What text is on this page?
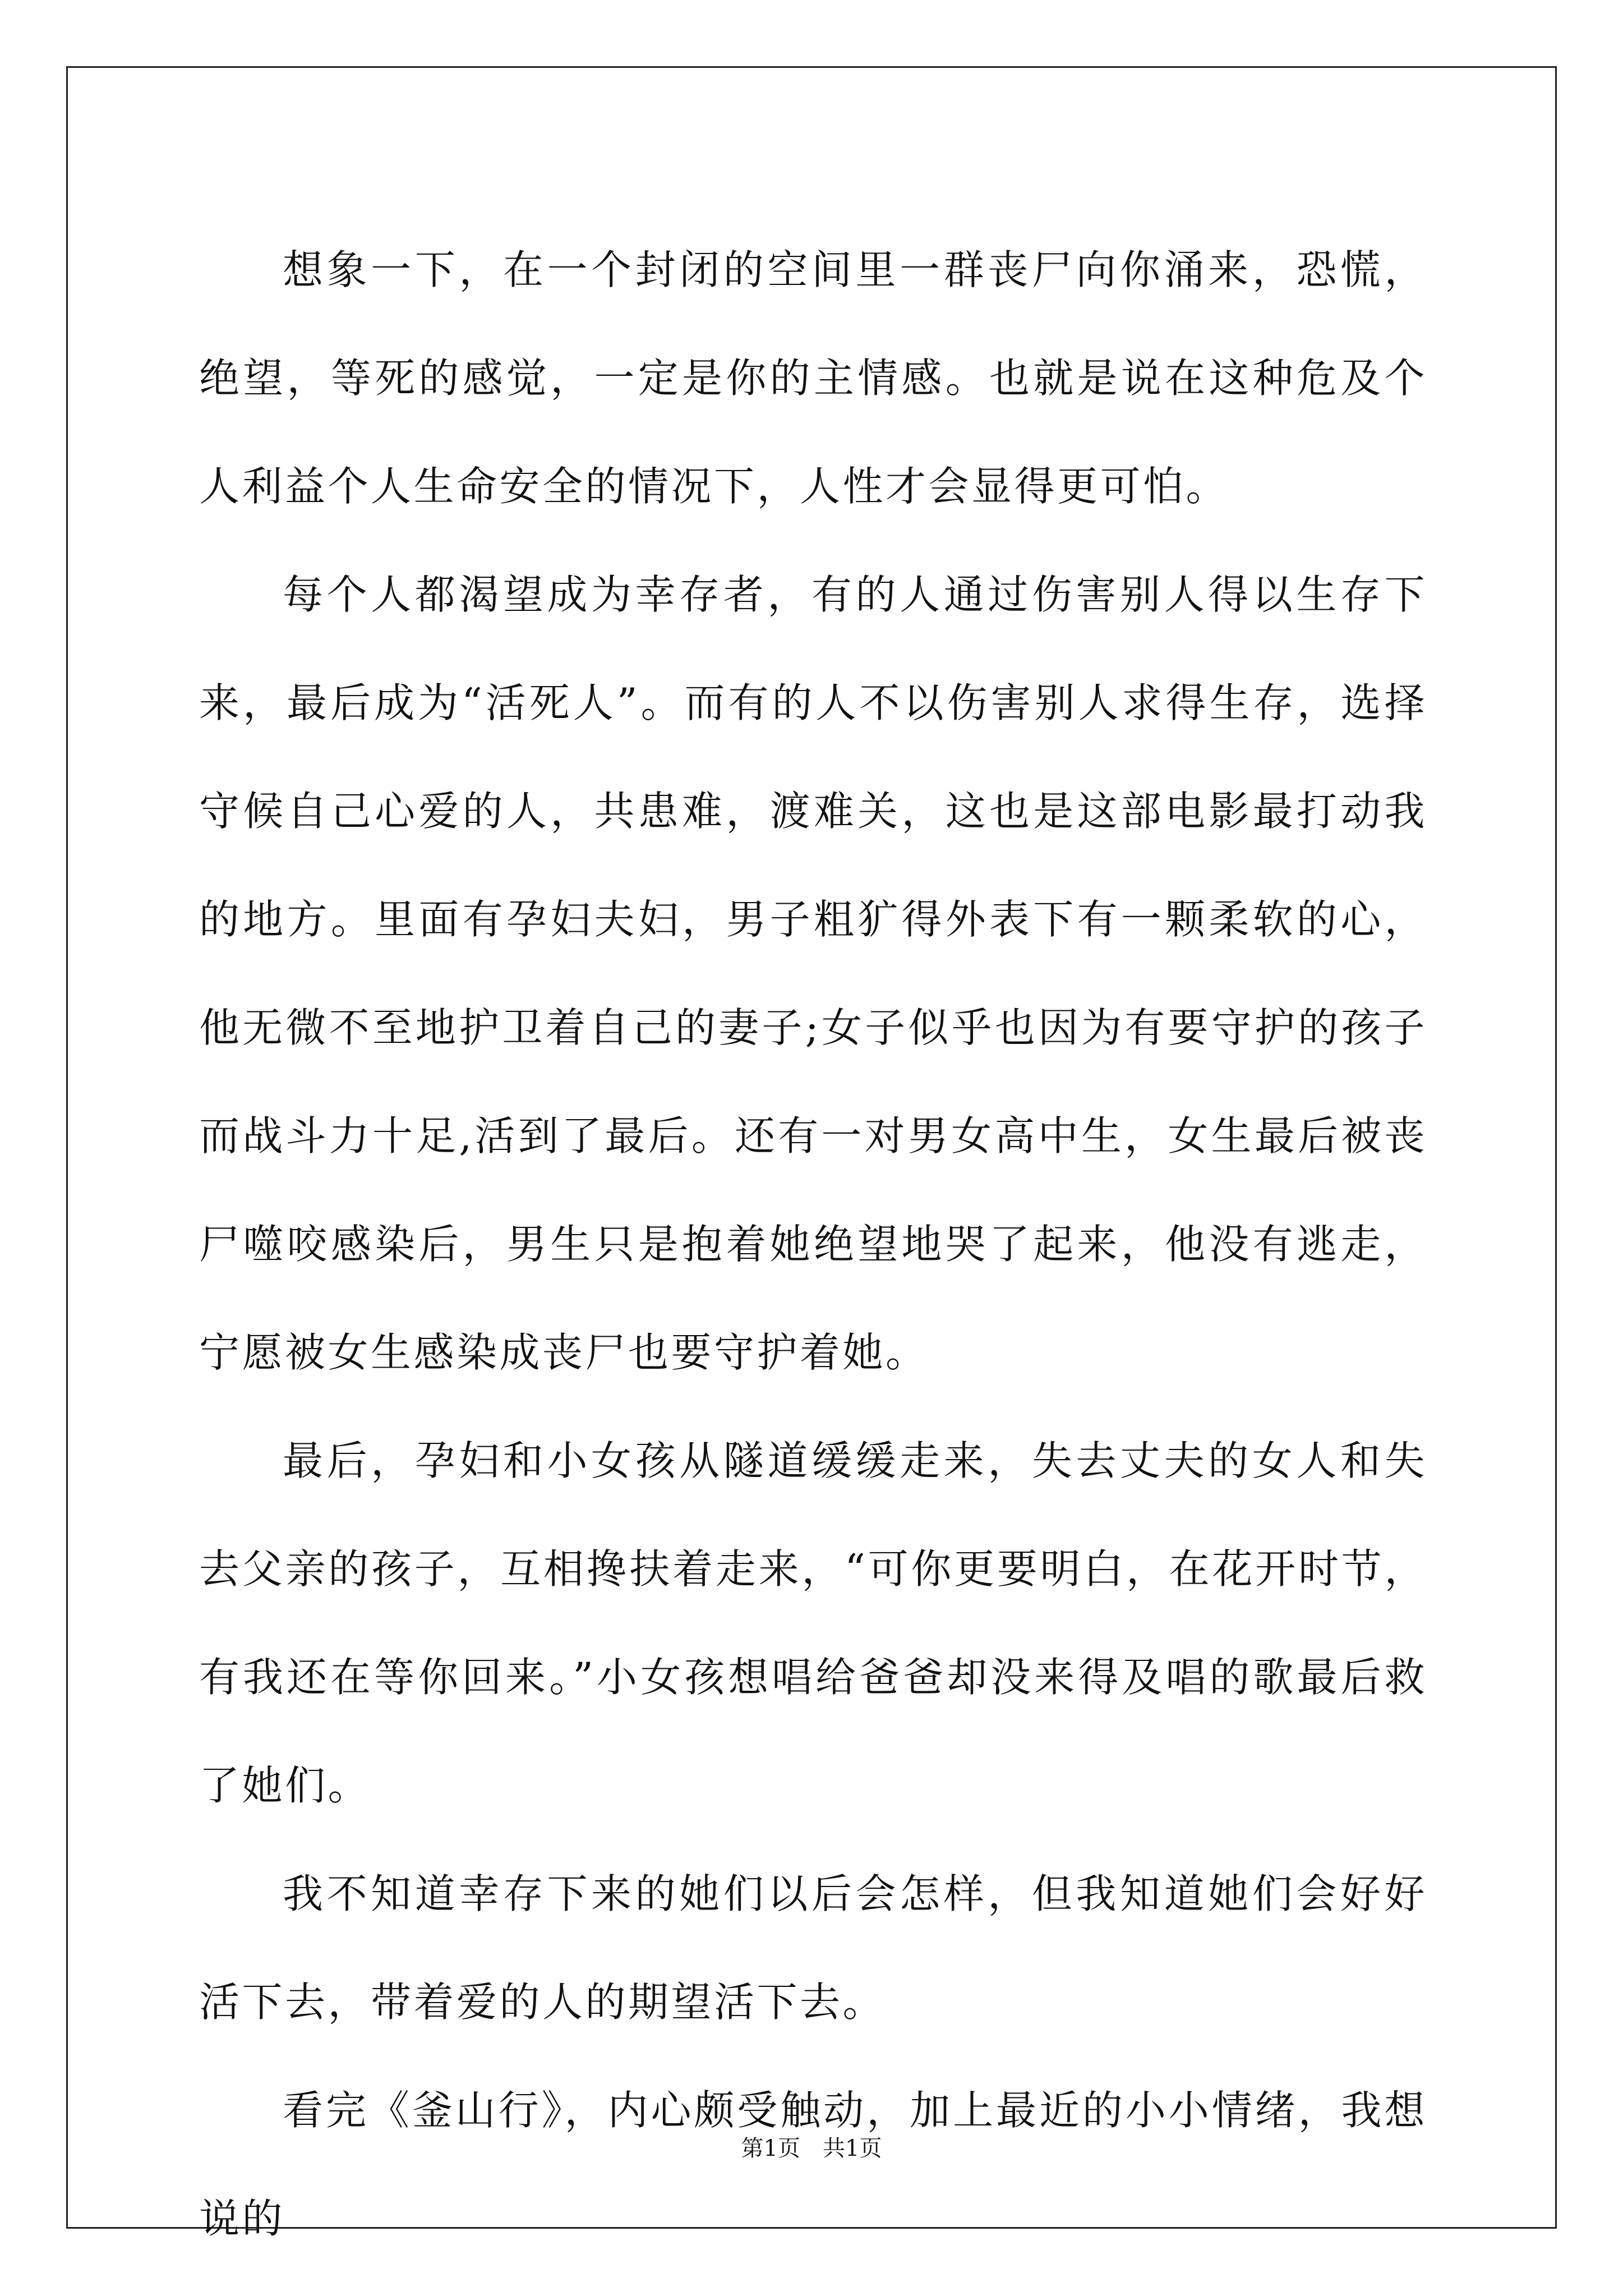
想象一下，在一个封闭的空间里一群丧尸向你涌来，恐慌，绝望，等死的感觉，一定是你的主情感。也就是说在这种危及个人利益个人生命安全的情况下，人性才会显得更可怕。

每个人都渴望成为幸存者，有的人通过伤害别人得以生存下来，最后成为“活死人”。而有的人不以伤害别人求得生存，选择守候自己心爱的人，共患难，渡难关，这也是这部电影最打动我的地方。里面有孕妇夫妇，男子粗犷得外表下有一颗柔软的心，他无微不至地护卫着自己的妻子;女子似乎也因为有要守护的孩子而战斗力十足,活到了最后。还有一对男女高中生，女生最后被丧尸噬咬感染后，男生只是抱着她绝望地哭了起来，他没有逃走，宁愿被女生感染成丧尸也要守护着她。

最后，孕妇和小女孩从隧道缓缓走来，失去丈夫的女人和失去父亲的孩子，互相搀扶着走来，“可你更要明白，在花开时节，有我还在等你回来。”小女孩想唱给爸爸却没来得及唱的歌最后救了她们。

我不知道幸存下来的她们以后会怎样，但我知道她们会好好活下去，带着爱的人的期望活下去。

看完《釜山行》，内心颇受触动，加上最近的小小情绪，我想说的

第1页　共1页
